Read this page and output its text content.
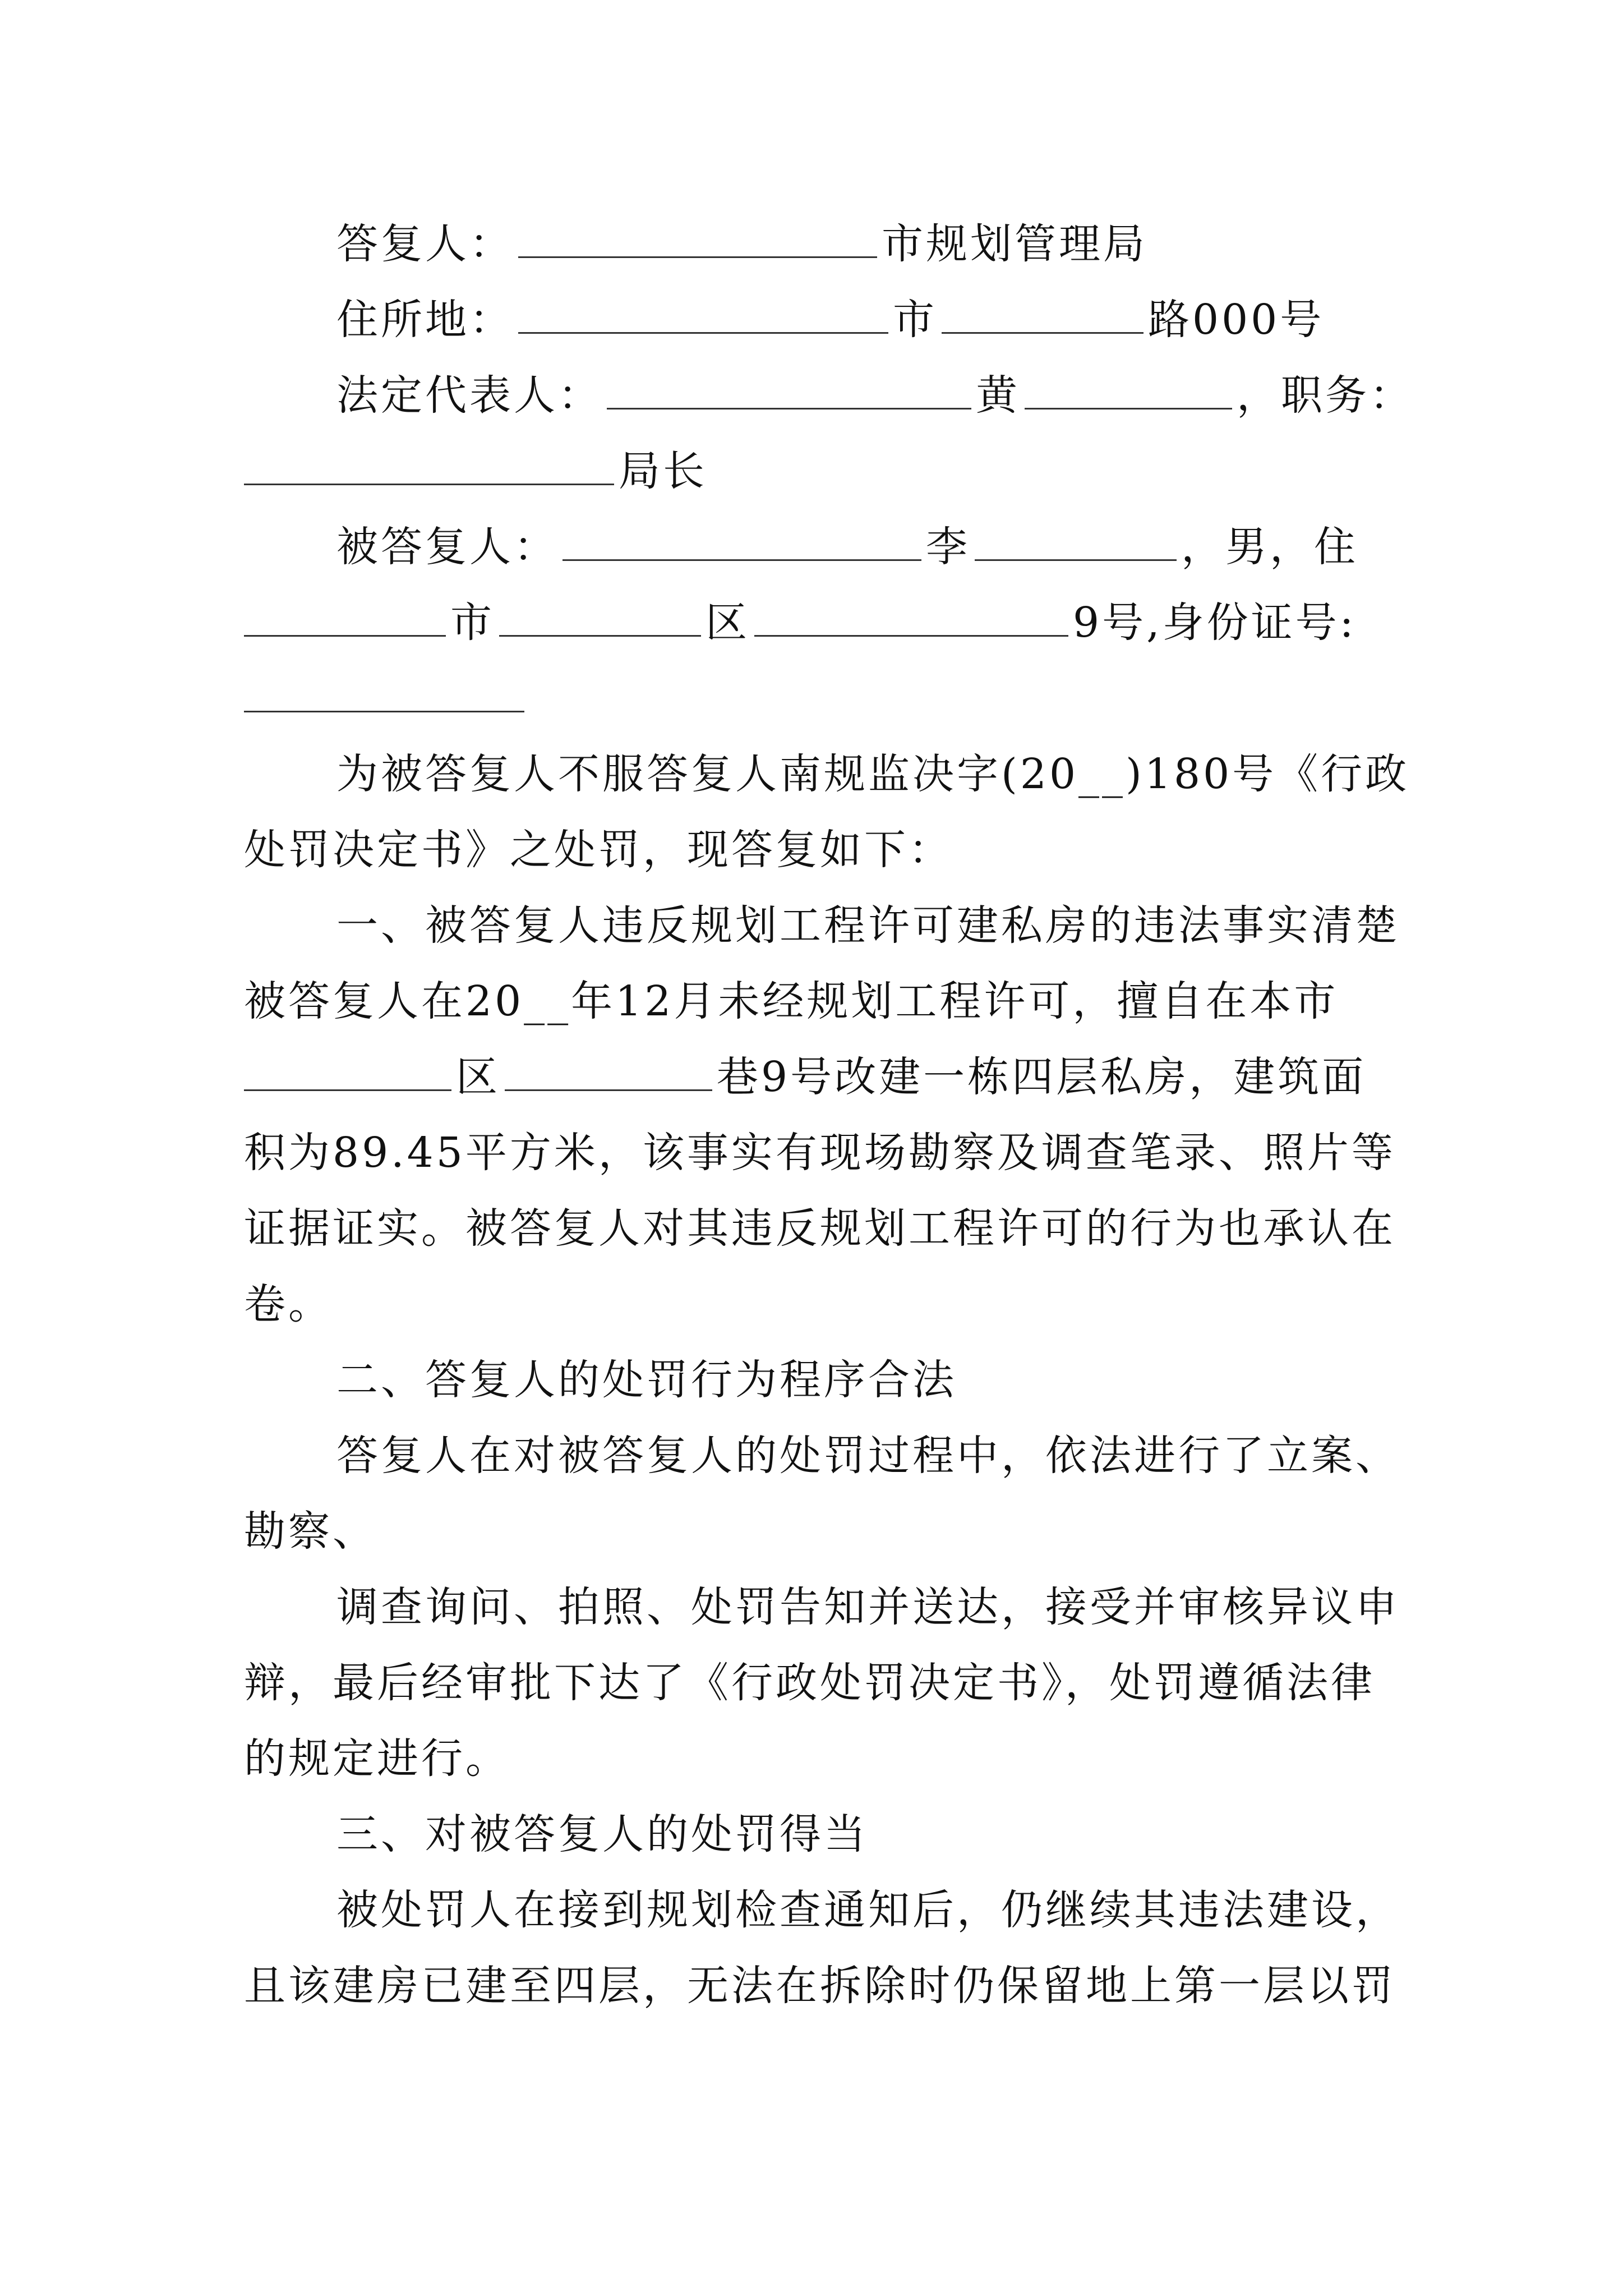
答复人：	市规划管理局
住所地：	市	路000号
法定代表人：	黄	，职务：
局长
被答复人：	李	，男，住
市	区	9号,身份证号:
为被答复人不服答复人南规监决字(20__)180号《行政
处罚决定书》之处罚，现答复如下：
一、被答复人违反规划工程许可建私房的违法事实清楚
被答复人在20__年12月未经规划工程许可，擅自在本市
区	巷9号改建一栋四层私房，建筑面
积为89.45平方米，该事实有现场勘察及调查笔录、照片等
证据证实。被答复人对其违反规划工程许可的行为也承认在
卷。
二、答复人的处罚行为程序合法
答复人在对被答复人的处罚过程中，依法进行了立案、
勘察、
调查询问、拍照、处罚告知并送达，接受并审核异议申
辩，最后经审批下达了《行政处罚决定书》，处罚遵循法律
的规定进行。
三、对被答复人的处罚得当
被处罚人在接到规划检查通知后，仍继续其违法建设，
且该建房已建至四层，无法在拆除时仍保留地上第一层以罚
